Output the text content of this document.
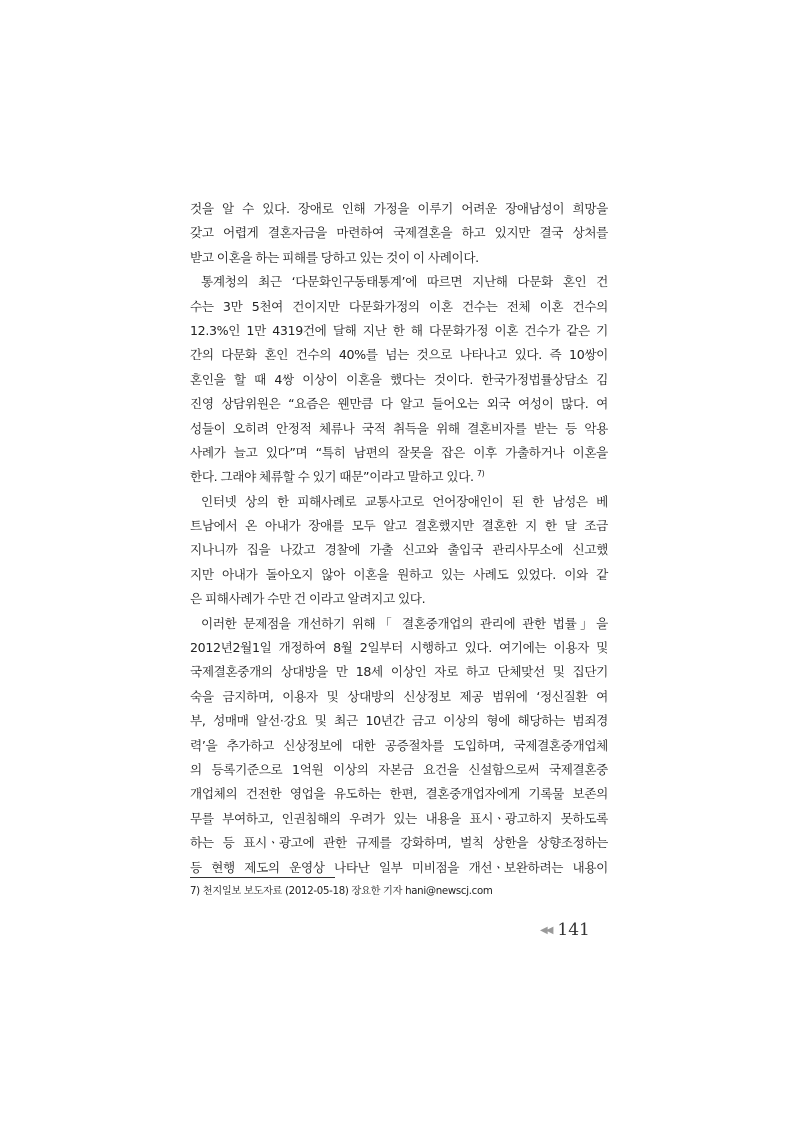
것을 알 수 있다. 장애로 인해 가정을 이루기 어려운 장애남성이 희망을
갖고 어렵게 결혼자금을 마련하여 국제결혼을 하고 있지만 결국 상처를
받고 이혼을 하는 피해를 당하고 있는 것이 이 사례이다.
통계청의 최근 ‘다문화인구동태통계’에 따르면 지난해 다문화 혼인 건
수는 3만 5천여 건이지만 다문화가정의 이혼 건수는 전체 이혼 건수의
12.3%인 1만 4319건에 달해 지난 한 해 다문화가정 이혼 건수가 같은 기
간의 다문화 혼인 건수의 40%를 넘는 것으로 나타나고 있다. 즉 10쌍이
혼인을 할 때 4쌍 이상이 이혼을 했다는 것이다. 한국가정법률상담소 김
진영 상담위원은 “요즘은 웬만큼 다 알고 들어오는 외국 여성이 많다. 여
성들이 오히려 안정적 체류나 국적 취득을 위해 결혼비자를 받는 등 악용
사례가 늘고 있다”며 “특히 남편의 잘못을 잡은 이후 가출하거나 이혼을
한다. 그래야 체류할 수 있기 때문”이라고 말하고 있다. $^{7)}$
인터넷 상의 한 피해사례로 교통사고로 언어장애인이 된 한 남성은 베
트남에서 온 아내가 장애를 모두 알고 결혼했지만 결혼한 지 한 달 조금
지나니까 집을 나갔고 경찰에 가출 신고와 출입국 관리사무소에 신고했
지만 아내가 돌아오지 않아 이혼을 원하고 있는 사례도 있었다. 이와 같
은 피해사례가 수만 건 이라고 알려지고 있다.
이러한 문제점을 개선하기 위해「 결혼중개업의 관리에 관한 법률」을
2012년2월1일 개정하여 8월 2일부터 시행하고 있다. 여기에는 이용자 및
국제결혼중개의 상대방을 만 18세 이상인 자로 하고 단체맞선 및 집단기
숙을 금지하며, 이용자 및 상대방의 신상정보 제공 범위에 ‘정신질환 여
부, 성매매 알선·강요 및 최근 10년간 금고 이상의 형에 해당하는 범죄경
력’을 추가하고 신상정보에 대한 공증절차를 도입하며, 국제결혼중개업체
의 등록기준으로 1억원 이상의 자본금 요건을 신설함으로써 국제결혼중
개업체의 건전한 영업을 유도하는 한편, 결혼중개업자에게 기록물 보존의
무를 부여하고, 인권침해의 우려가 있는 내용을 표시ㆍ광고하지 못하도록
하는 등 표시ㆍ광고에 관한 규제를 강화하며, 벌칙 상한을 상향조정하는
등 현행 제도의 운영상 나타난 일부 미비점을 개선ㆍ보완하려는 내용이
7) 천지일보 보도자료 (2012-05-18) 장요한 기자 hani@newscj.com
◀◀ 141
